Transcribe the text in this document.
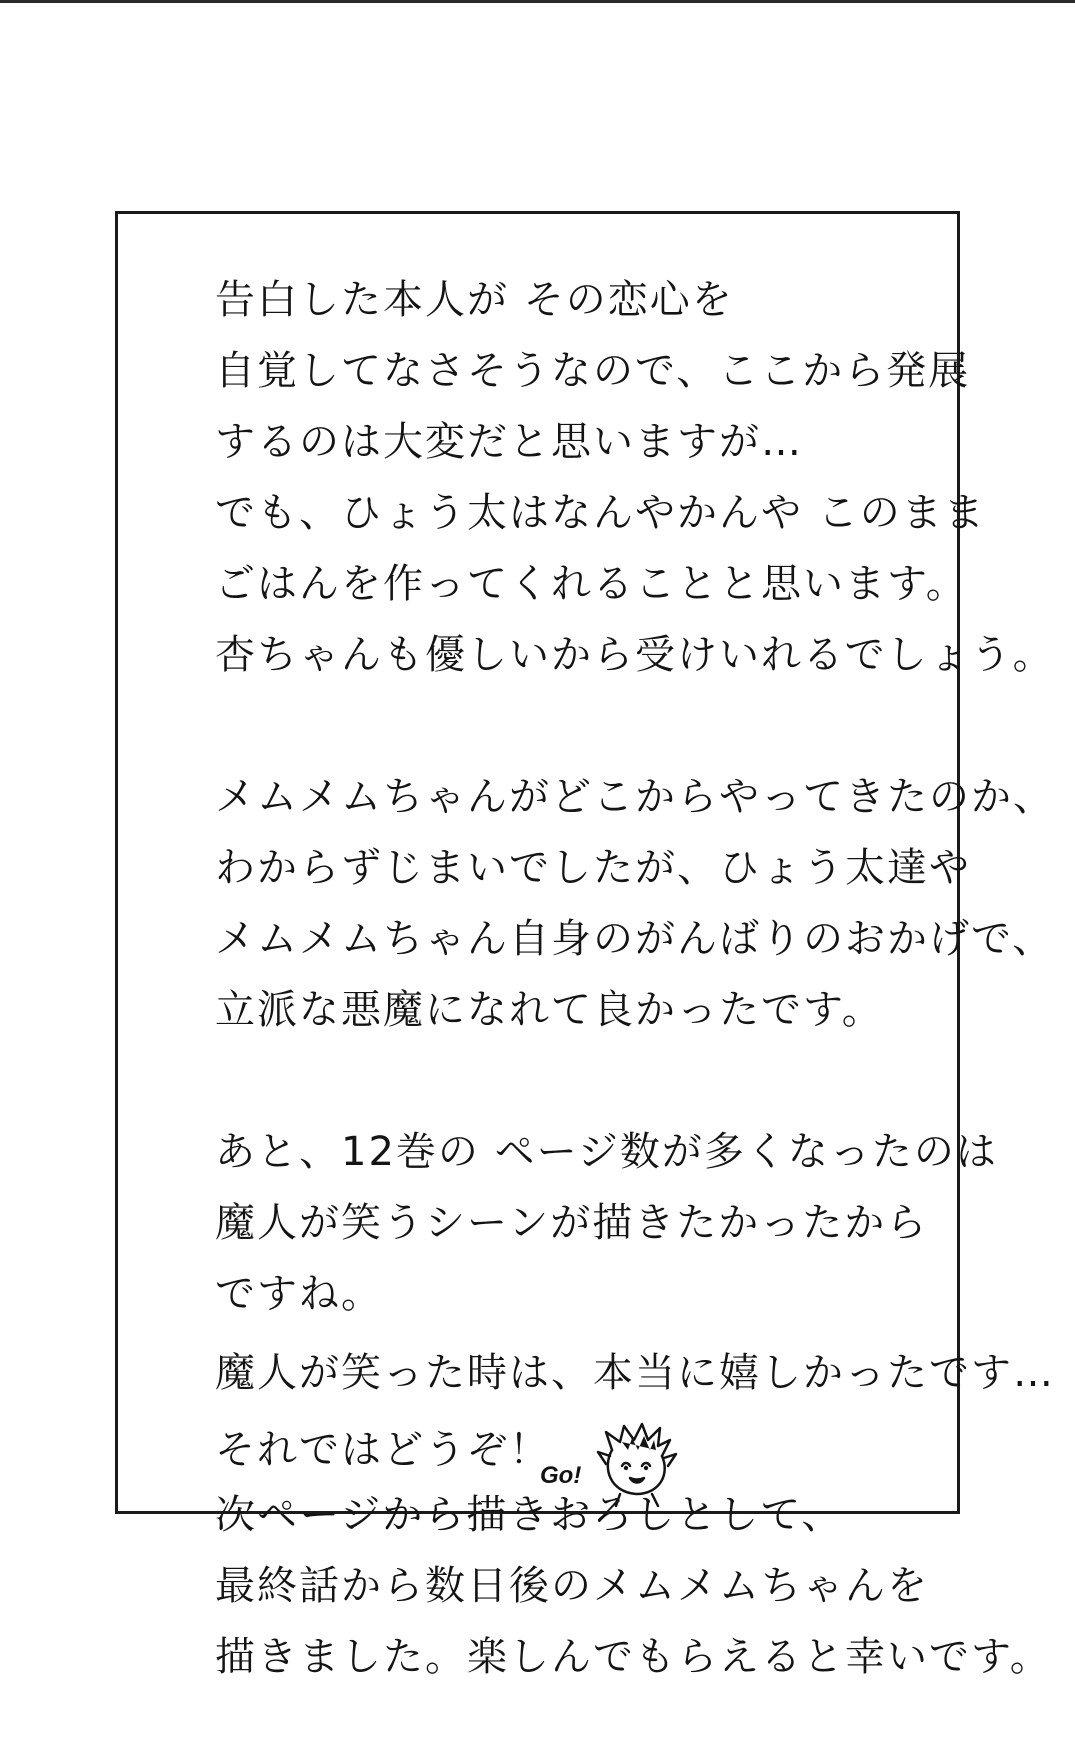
告白した本人が その恋心を
自覚してなさそうなので、ここから発展
するのは大変だと思いますが…
でも、ひょう太はなんやかんや このまま
ごはんを作ってくれることと思います。
杏ちゃんも優しいから受けいれるでしょう。
メムメムちゃんがどこからやってきたのか、
わからずじまいでしたが、ひょう太達や
メムメムちゃん自身のがんばりのおかげで、
立派な悪魔になれて良かったです。
あと、12巻の ページ数が多くなったのは
魔人が笑うシーンが描きたかったから
ですね。
魔人が笑った時は、本当に嬉しかったです…
次ページから描きおろしとして、
最終話から数日後のメムメムちゃんを
描きました。楽しんでもらえると幸いです。
それではどうぞ！
Go!
